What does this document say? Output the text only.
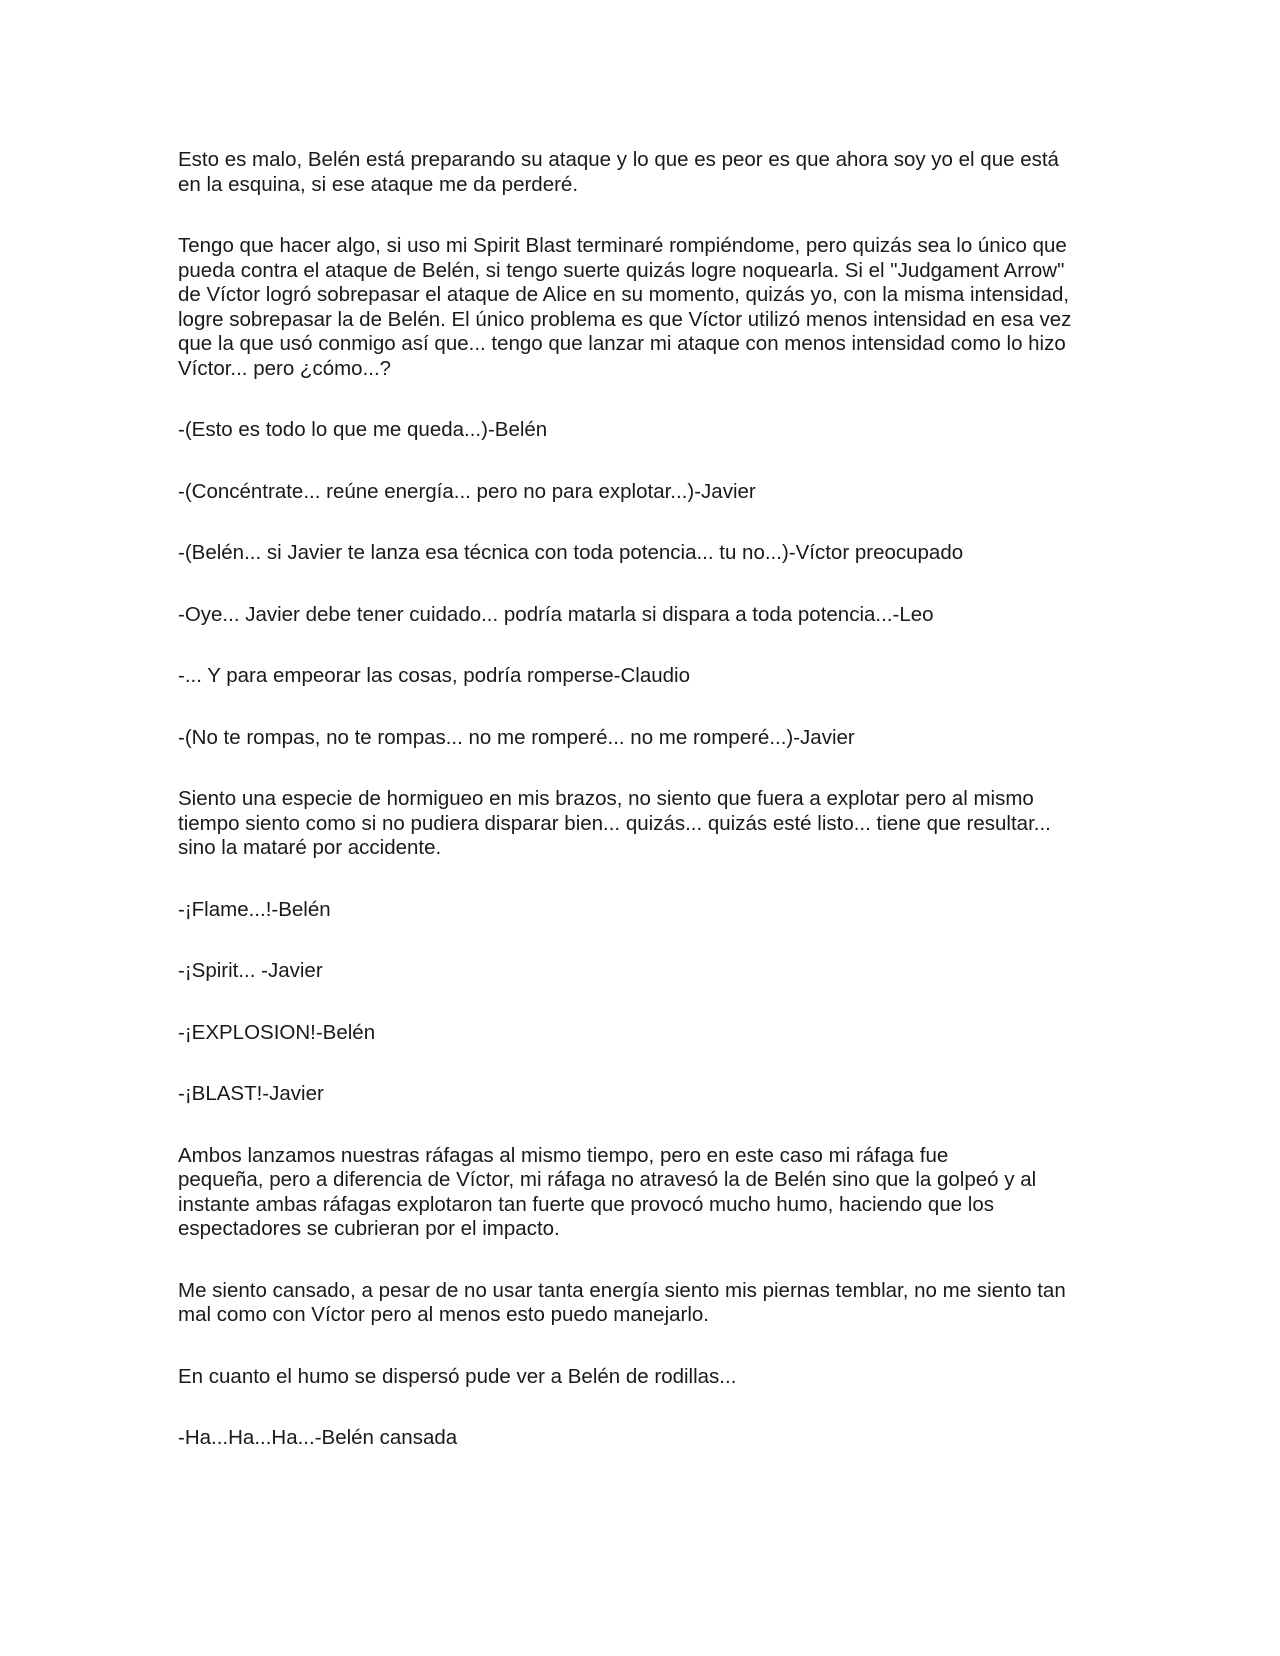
Esto es malo, Belén está preparando su ataque y lo que es peor es que ahora soy yo el que está
en la esquina, si ese ataque me da perderé.

Tengo que hacer algo, si uso mi Spirit Blast terminaré rompiéndome, pero quizás sea lo único que
pueda contra el ataque de Belén, si tengo suerte quizás logre noquearla. Si el "Judgament Arrow"
de Víctor logró sobrepasar el ataque de Alice en su momento, quizás yo, con la misma intensidad,
logre sobrepasar la de Belén. El único problema es que Víctor utilizó menos intensidad en esa vez
que la que usó conmigo así que... tengo que lanzar mi ataque con menos intensidad como lo hizo
Víctor... pero ¿cómo...?

-(Esto es todo lo que me queda...)-Belén

-(Concéntrate... reúne energía... pero no para explotar...)-Javier

-(Belén... si Javier te lanza esa técnica con toda potencia... tu no...)-Víctor preocupado

-Oye... Javier debe tener cuidado... podría matarla si dispara a toda potencia...-Leo

-... Y para empeorar las cosas, podría romperse-Claudio

-(No te rompas, no te rompas... no me romperé... no me romperé...)-Javier

Siento una especie de hormigueo en mis brazos, no siento que fuera a explotar pero al mismo
tiempo siento como si no pudiera disparar bien... quizás... quizás esté listo... tiene que resultar...
sino la mataré por accidente.

-¡Flame...!-Belén

-¡Spirit... -Javier

-¡EXPLOSION!-Belén

-¡BLAST!-Javier

Ambos lanzamos nuestras ráfagas al mismo tiempo, pero en este caso mi ráfaga fue
pequeña, pero a diferencia de Víctor, mi ráfaga no atravesó la de Belén sino que la golpeó y al
instante ambas ráfagas explotaron tan fuerte que provocó mucho humo, haciendo que los
espectadores se cubrieran por el impacto.

Me siento cansado, a pesar de no usar tanta energía siento mis piernas temblar, no me siento tan
mal como con Víctor pero al menos esto puedo manejarlo.

En cuanto el humo se dispersó pude ver a Belén de rodillas...

-Ha...Ha...Ha...-Belén cansada
